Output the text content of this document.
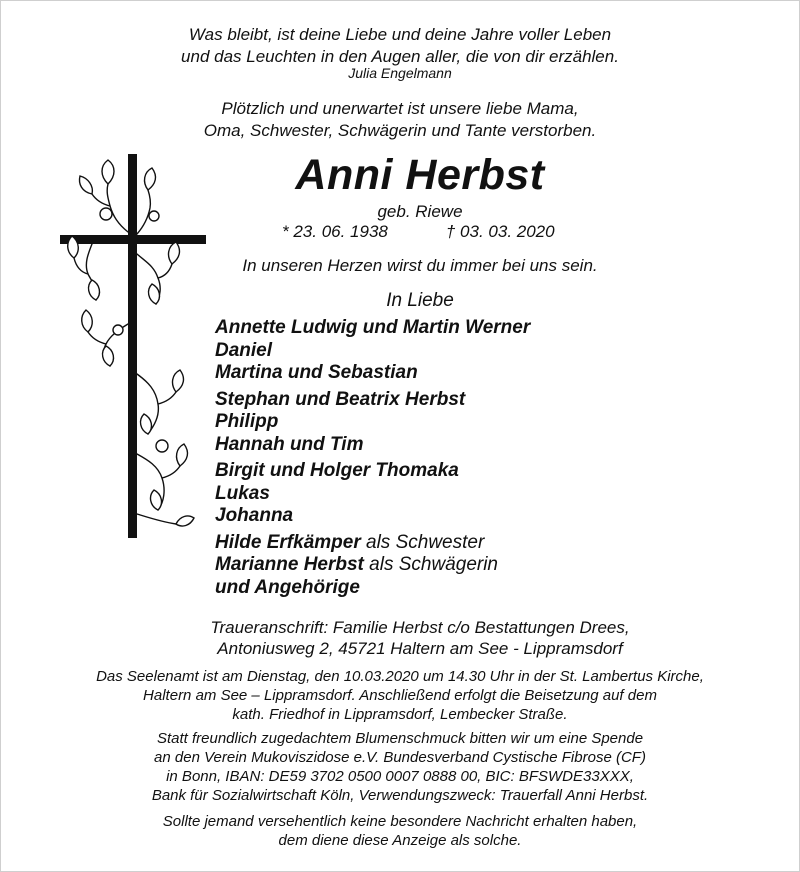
Was bleibt, ist deine Liebe und deine Jahre voller Leben
und das Leuchten in den Augen aller, die von dir erzählen.
Julia Engelmann
Plötzlich und unerwartet ist unsere liebe Mama,
Oma, Schwester, Schwägerin und Tante verstorben.
Anni Herbst
geb. Riewe
* 23. 06. 1938	† 03. 03. 2020
In unseren Herzen wirst du immer bei uns sein.
In Liebe
Annette Ludwig und Martin Werner
Daniel
Martina und Sebastian
Stephan und Beatrix Herbst
Philipp
Hannah und Tim
Birgit und Holger Thomaka
Lukas
Johanna
Hilde Erfkämper als Schwester
Marianne Herbst als Schwägerin
und Angehörige
Traueranschrift: Familie Herbst c/o Bestattungen Drees,
Antoniusweg 2, 45721 Haltern am See - Lippramsdorf
Das Seelenamt ist am Dienstag, den 10.03.2020 um 14.30 Uhr in der St. Lambertus Kirche,
Haltern am See – Lippramsdorf. Anschließend erfolgt die Beisetzung auf dem
kath. Friedhof in Lippramsdorf, Lembecker Straße.
Statt freundlich zugedachtem Blumenschmuck bitten wir um eine Spende
an den Verein Mukoviszidose e.V. Bundesverband Cystische Fibrose (CF)
in Bonn, IBAN: DE59 3702 0500 0007 0888 00, BIC: BFSWDE33XXX,
Bank für Sozialwirtschaft Köln, Verwendungszweck: Trauerfall Anni Herbst.
Sollte jemand versehentlich keine besondere Nachricht erhalten haben,
dem diene diese Anzeige als solche.
